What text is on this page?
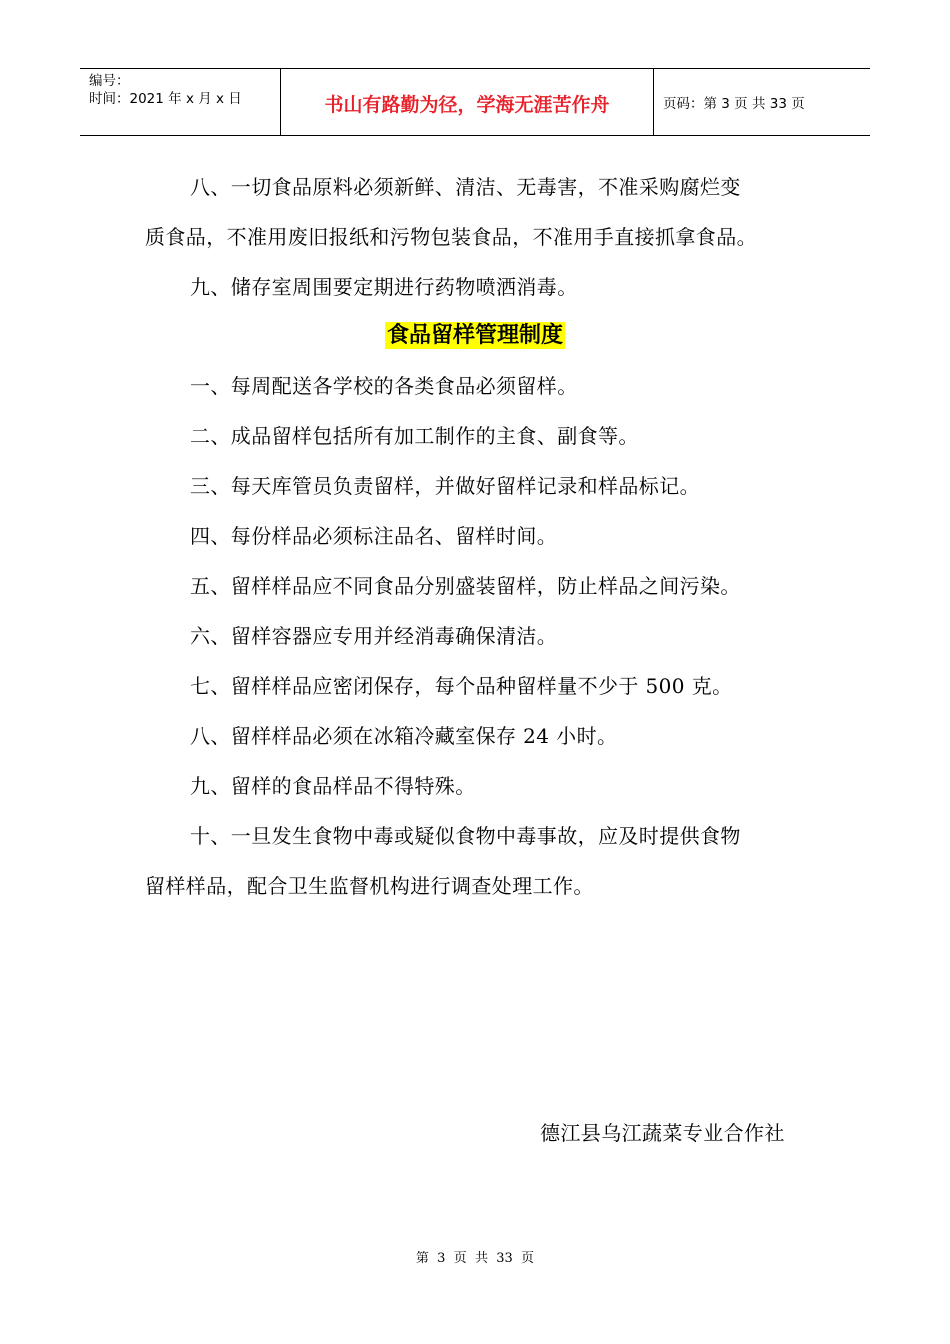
编号：
时间：2021 年 x 月 x 日	书山有路勤为径，学海无涯苦作舟	页码：第 3 页 共 33 页
八、一切食品原料必须新鲜、清洁、无毒害，不准采购腐烂变
质食品，不准用废旧报纸和污物包装食品，不准用手直接抓拿食品。
九、储存室周围要定期进行药物喷洒消毒。
食品留样管理制度
一、每周配送各学校的各类食品必须留样。
二、成品留样包括所有加工制作的主食、副食等。
三、每天库管员负责留样，并做好留样记录和样品标记。
四、每份样品必须标注品名、留样时间。
五、留样样品应不同食品分别盛装留样，防止样品之间污染。
六、留样容器应专用并经消毒确保清洁。
七、留样样品应密闭保存，每个品种留样量不少于 500 克。
八、留样样品必须在冰箱冷藏室保存 24 小时。
九、留样的食品样品不得特殊。
十、一旦发生食物中毒或疑似食物中毒事故，应及时提供食物
留样样品，配合卫生监督机构进行调查处理工作。
德江县乌江蔬菜专业合作社
第  3  页  共  33  页
